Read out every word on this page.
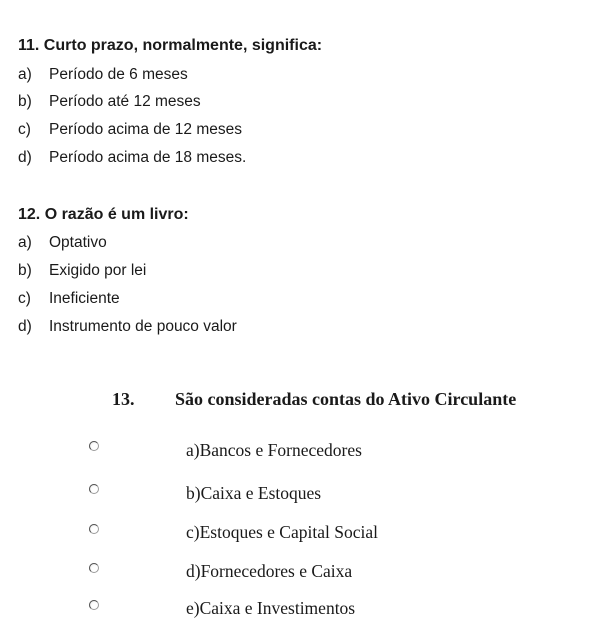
11. Curto prazo, normalmente, significa:
a)	Período de 6 meses
b)	Período até 12 meses
c)	Período acima de 12 meses
d)	Período acima de 18 meses.
12. O razão é um livro:
a)	Optativo
b)	Exigido por lei
c)	Ineficiente
d)	Instrumento de pouco valor
13. São consideradas contas do Ativo Circulante
a)Bancos e Fornecedores
b)Caixa e Estoques
c)Estoques e Capital Social
d)Fornecedores e Caixa
e)Caixa e Investimentos
